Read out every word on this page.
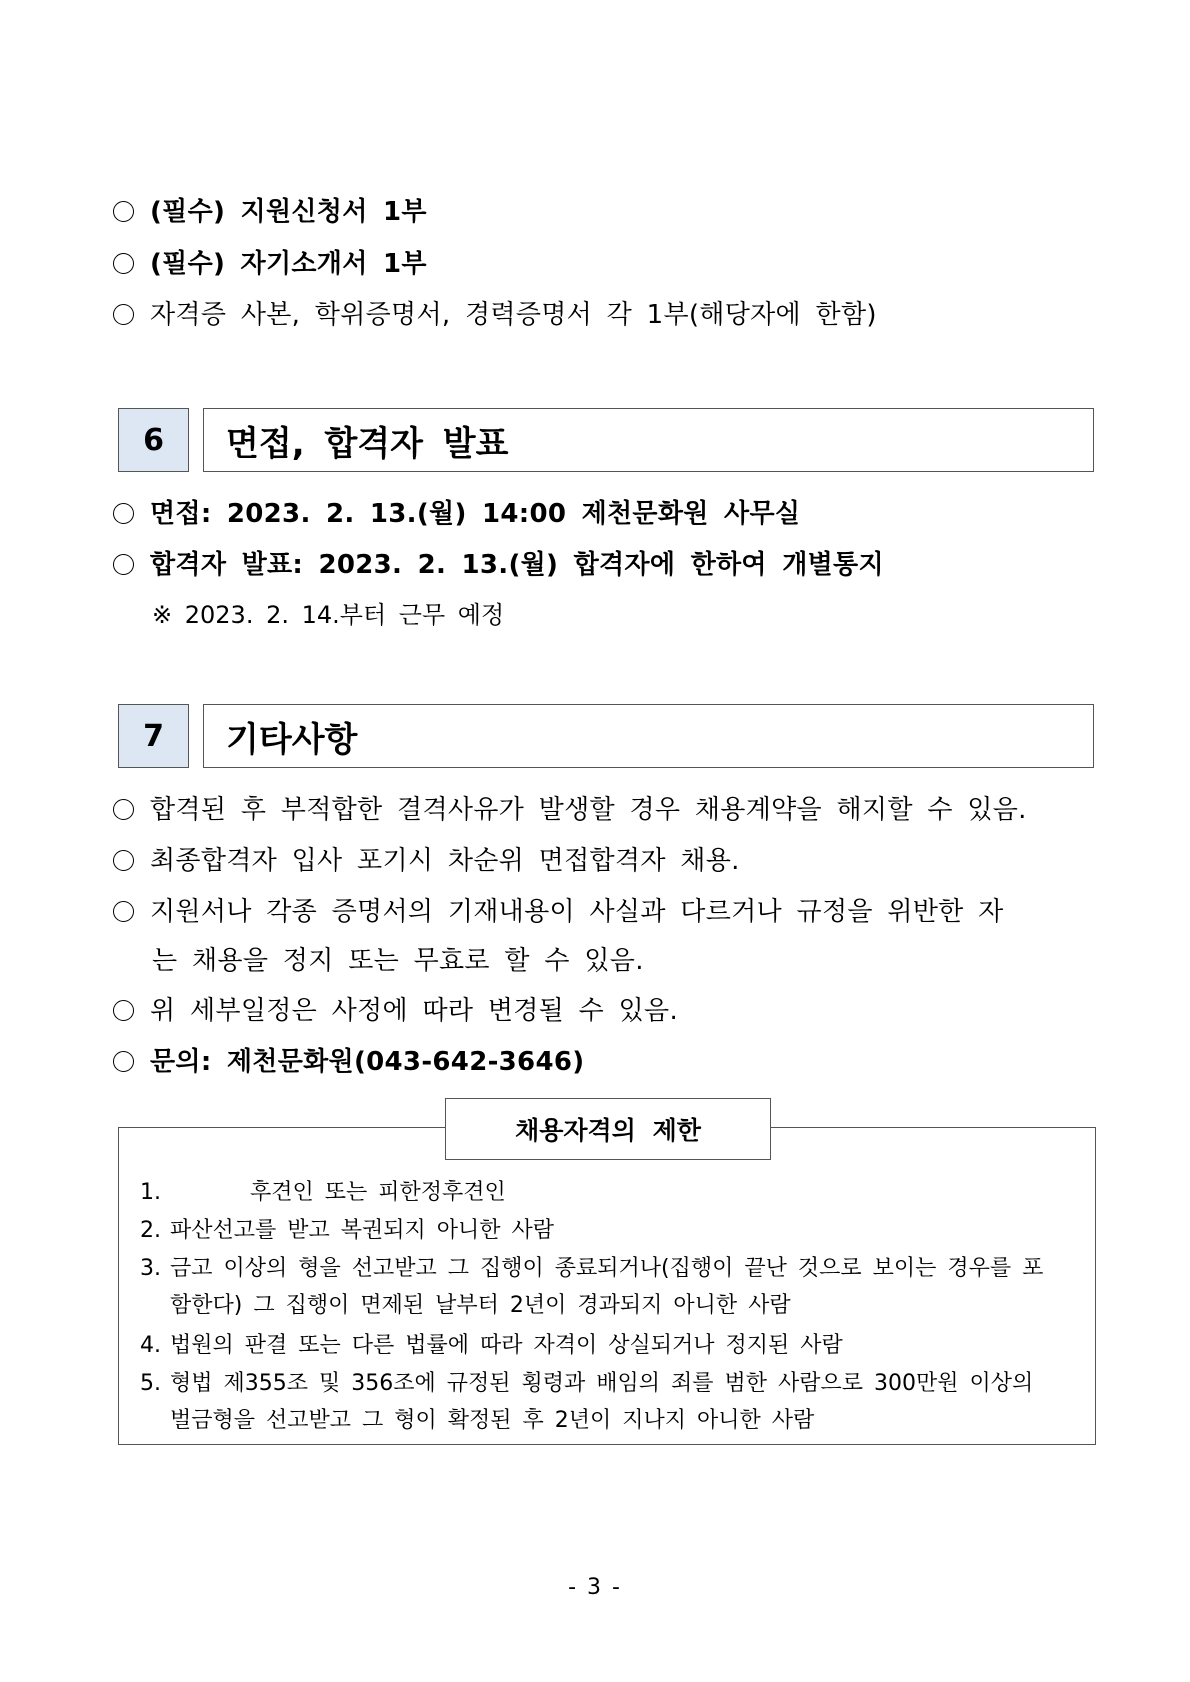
(필수) 지원신청서 1부
(필수) 자기소개서 1부
자격증 사본, 학위증명서, 경력증명서 각 1부(해당자에 한함)
6	면접, 합격자 발표
면접: 2023. 2. 13.(월) 14:00 제천문화원 사무실
합격자 발표: 2023. 2. 13.(월) 합격자에 한하여 개별통지
※ 2023. 2. 14.부터 근무 예정
7	기타사항
합격된 후 부적합한 결격사유가 발생할 경우 채용계약을 해지할 수 있음.
최종합격자 입사 포기시 차순위 면접합격자 채용.
지원서나 각종 증명서의 기재내용이 사실과 다르거나 규정을 위반한 자
는 채용을 정지 또는 무효로 할 수 있음.
위 세부일정은 사정에 따라 변경될 수 있음.
문의: 제천문화원(043-642-3646)
채용자격의 제한
1.	후견인 또는 피한정후견인
2. 파산선고를 받고 복권되지 아니한 사람
3. 금고 이상의 형을 선고받고 그 집행이 종료되거나(집행이 끝난 것으로 보이는 경우를 포
함한다) 그 집행이 면제된 날부터 2년이 경과되지 아니한 사람
4. 법원의 판결 또는 다른 법률에 따라 자격이 상실되거나 정지된 사람
5. 형법 제355조 및 356조에 규정된 횡령과 배임의 죄를 범한 사람으로 300만원 이상의
벌금형을 선고받고 그 형이 확정된 후 2년이 지나지 아니한 사람
- 3 -
